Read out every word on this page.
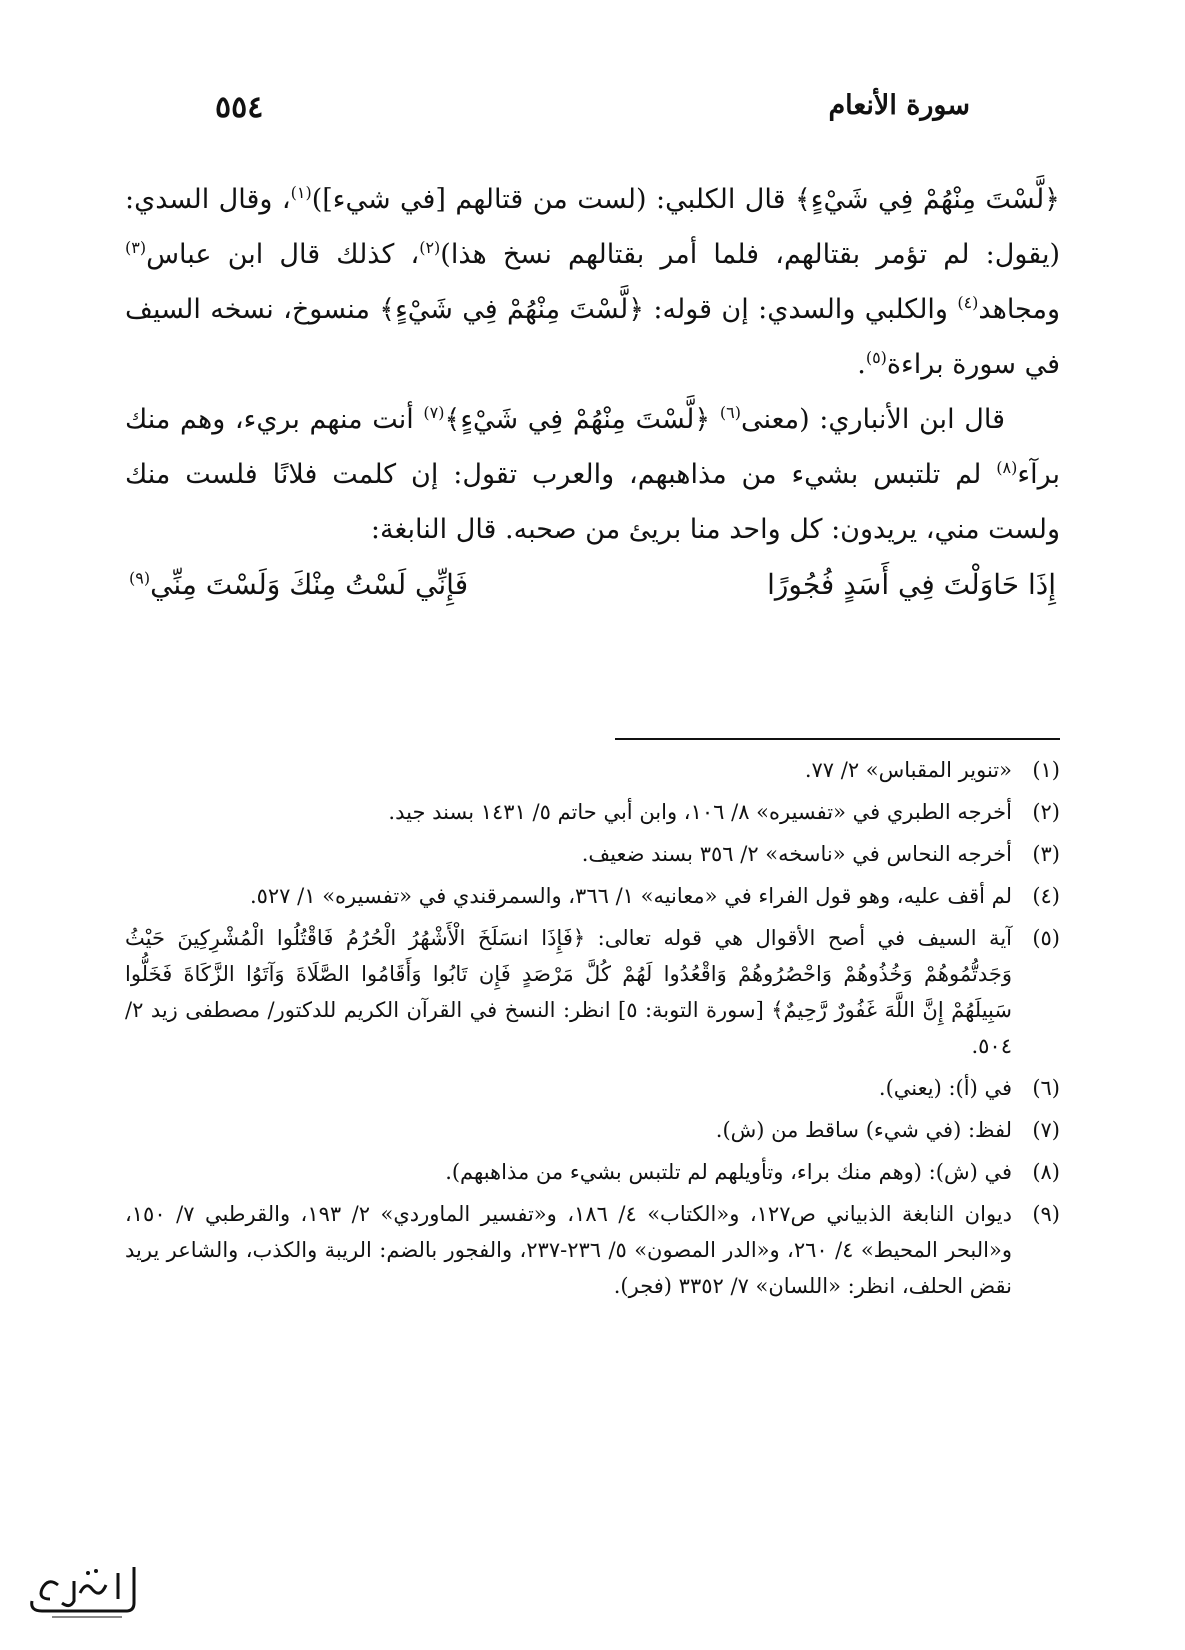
٥٥٤	سورة الأنعام

﴿لَّسْتَ مِنْهُمْ فِي شَيْءٍ﴾ قال الكلبي: (لست من قتالهم [في شيء])$^{(١)}$، وقال السدي: (يقول: لم تؤمر بقتالهم، فلما أمر بقتالهم نسخ هذا)$^{(٢)}$، كذلك قال ابن عباس$^{(٣)}$ ومجاهد$^{(٤)}$ والكلبي والسدي: إن قوله: ﴿لَّسْتَ مِنْهُمْ فِي شَيْءٍ﴾ منسوخ، نسخه السيف في سورة براءة$^{(٥)}$.

قال ابن الأنباري: (معنى$^{(٦)}$ ﴿لَّسْتَ مِنْهُمْ فِي شَيْءٍ﴾$^{(٧)}$ أنت منهم بريء، وهم منك برآء$^{(٨)}$ لم تلتبس بشيء من مذاهبهم، والعرب تقول: إن كلمت فلانًا فلست منك ولست مني، يريدون: كل واحد منا بريئ من صحبه. قال النابغة:

إِذَا حَاوَلْتَ فِي أَسَدٍ فُجُورًا
فَإِنِّي لَسْتُ مِنْكَ وَلَسْتَ مِنِّي$^{(٩)}$
(١)
«تنوير المقباس» ٢/ ٧٧.
(٢)
أخرجه الطبري في «تفسيره» ٨/ ١٠٦، وابن أبي حاتم ٥/ ١٤٣١ بسند جيد.
(٣)
أخرجه النحاس في «ناسخه» ٢/ ٣٥٦ بسند ضعيف.
(٤)
لم أقف عليه، وهو قول الفراء في «معانيه» ١/ ٣٦٦، والسمرقندي في «تفسيره» ١/ ٥٢٧.
(٥)
آية السيف في أصح الأقوال هي قوله تعالى: ﴿فَإِذَا انسَلَخَ الْأَشْهُرُ الْحُرُمُ فَاقْتُلُوا الْمُشْرِكِينَ حَيْثُ وَجَدتُّمُوهُمْ وَخُذُوهُمْ وَاحْصُرُوهُمْ وَاقْعُدُوا لَهُمْ كُلَّ مَرْصَدٍ فَإِن تَابُوا وَأَقَامُوا الصَّلَاةَ وَآتَوُا الزَّكَاةَ فَخَلُّوا سَبِيلَهُمْ إِنَّ اللَّهَ غَفُورٌ رَّحِيمٌ﴾ [سورة التوبة: ٥] انظر: النسخ في القرآن الكريم للدكتور/ مصطفى زيد ٢/ ٥٠٤.
(٦)
في (أ): (يعني).
(٧)
لفظ: (في شيء) ساقط من (ش).
(٨)
في (ش): (وهم منك براء، وتأويلهم لم تلتبس بشيء من مذاهبهم).
(٩)
ديوان النابغة الذبياني ص١٢٧، و«الكتاب» ٤/ ١٨٦، و«تفسير الماوردي» ٢/ ١٩٣، والقرطبي ٧/ ١٥٠، و«البحر المحيط» ٤/ ٢٦٠، و«الدر المصون» ٥/ ٢٣٦-٢٣٧، والفجور بالضم: الريبة والكذب، والشاعر يريد نقض الحلف، انظر: «اللسان» ٧/ ٣٣٥٢ (فجر).
